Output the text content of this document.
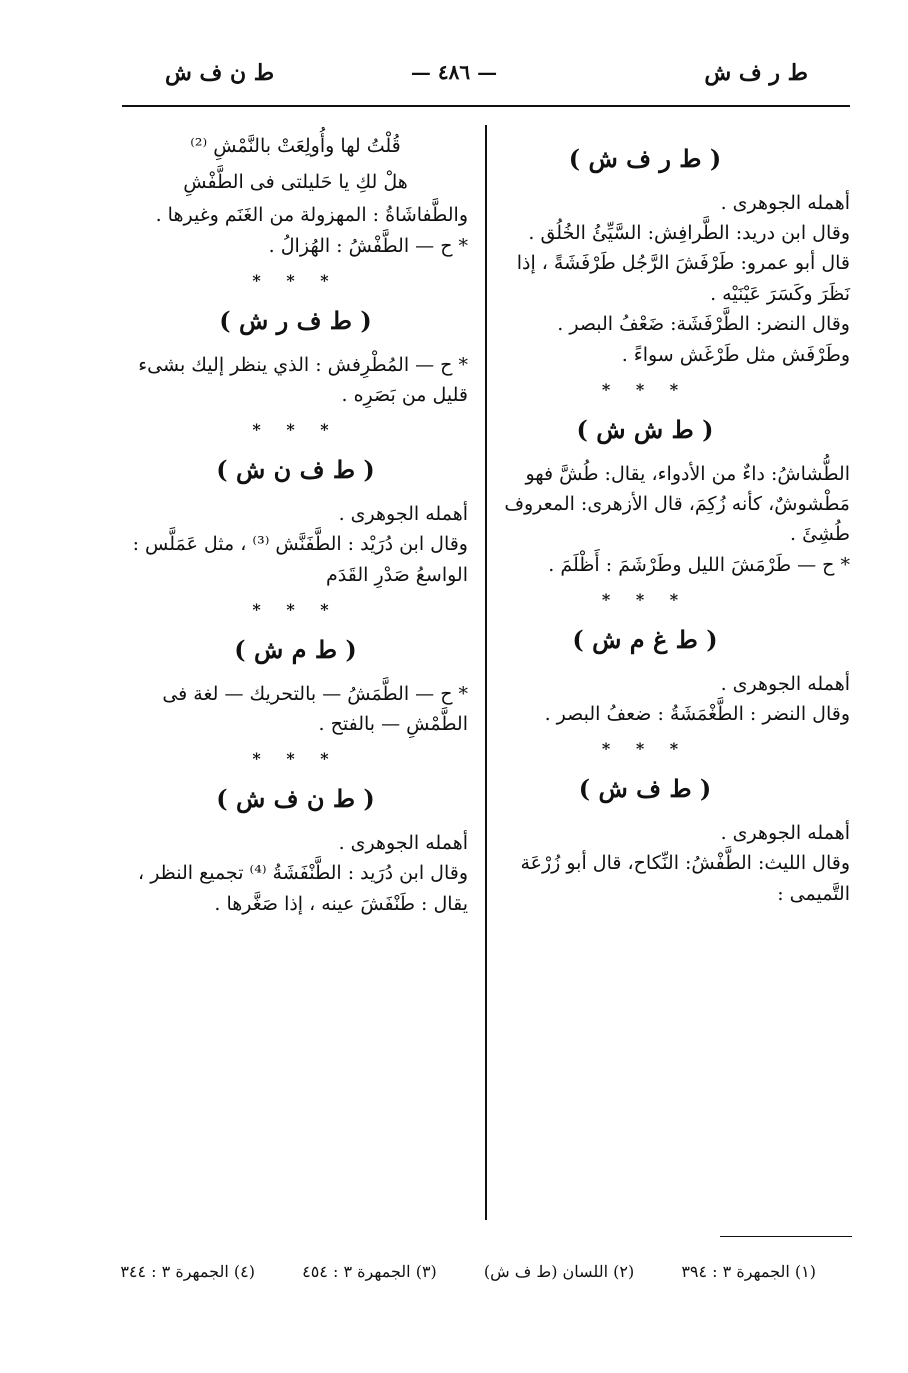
ط ر ف ش
— ٤٨٦ —
ط ن ف ش
( ط ر ف ش )
أهمله الجوهرى .
وقال ابن دريد: الطَّرافِش: السَّيِّئُ الخُلُق .
قال أبو عمرو: طَرْفَشَ الرَّجُل طَرْفَشَةً ، إذا
نَظَرَ وكَسَرَ عَيْنَيْه .
وقال النضر: الطَّرْفَشَة: ضَعْفُ البصر .
وطَرْفَش مثل طَرْغَش سواءً .
* * *
( ط ش ش )
الطُّشاشُ: داءٌ من الأدواء، يقال: طُشَّ فهو
مَطْشوشٌ، كأنه زُكِمَ، قال الأزهرى: المعروف
طُشِئَ .
* ح — طَرْمَشَ الليل وطَرْشَمَ : أَظْلَمَ .
* * *
( ط غ م ش )
أهمله الجوهرى .
وقال النضر : الطَّغْمَشَةُ : ضعفُ البصر .
* * *
( ط ف ش )
أهمله الجوهرى .
وقال الليث: الطَّفْشُ: النِّكاح، قال أبو زُرْعَة
التَّميمى :
قُلْتُ لها وأُولِعَتْ بالنَّمْشِ ⁽²⁾
هلْ لكِ يا حَليلتى فى الطَّفْشِ
والطَّفاشَاةُ : المهزولة من الغَنَم وغيرها .
* ح — الطَّفْشُ : الهُزالُ .
* * *
( ط ف ر ش )
* ح — المُطْرِفش : الذي ينظر إليك بشىء
قليل من بَصَرِه .
* * *
( ط ف ن ش )
أهمله الجوهرى .
وقال ابن دُرَيْد : الطَّفَنَّش ⁽³⁾ ، مثل عَمَلَّس :
الواسعُ صَدْرِ القَدَم
* * *
( ط م ش )
* ح — الطَّمَشُ — بالتحريك — لغة فى
الطَّمْشِ — بالفتح .
* * *
( ط ن ف ش )
أهمله الجوهرى .
وقال ابن دُرَيد : الطَّنْفَشَةُ ⁽⁴⁾ تجميع النظر ،
يقال : طَنْفَشَ عينه ، إذا صَغَّرها .
(١) الجمهرة ٣ : ٣٩٤ (٢) اللسان (ط ف ش) (٣) الجمهرة ٣ : ٤٥٤ (٤) الجمهرة ٣ : ٣٤٤
